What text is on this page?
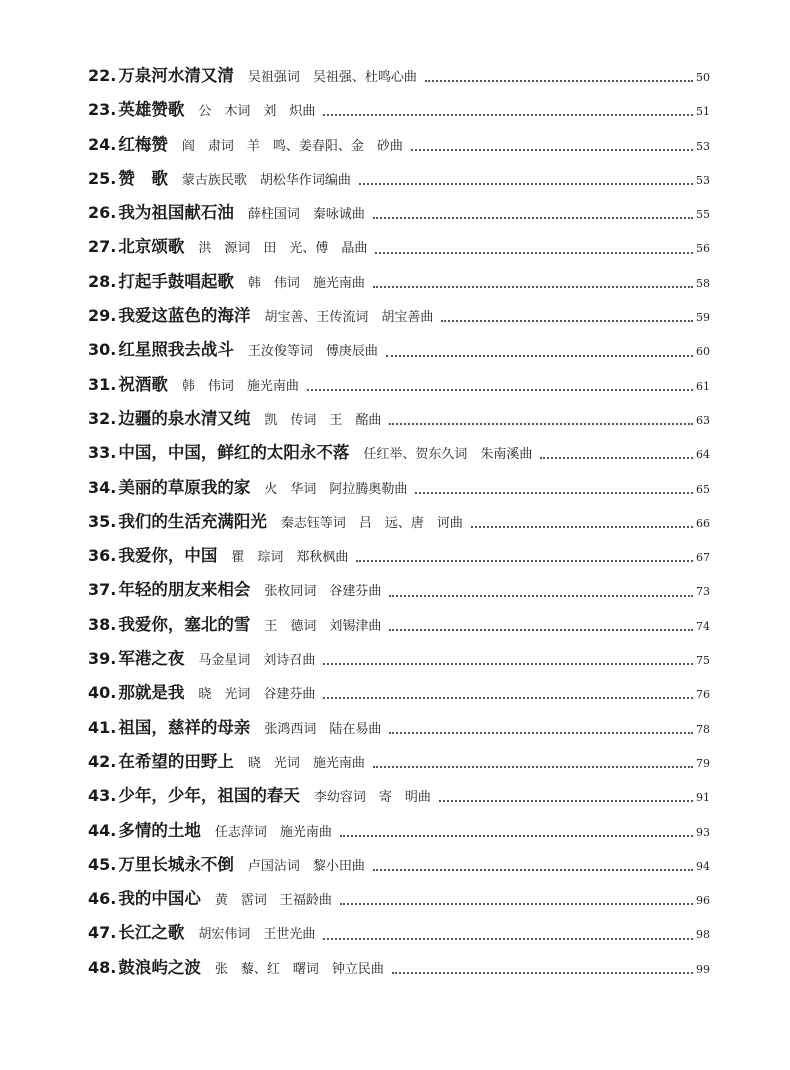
22. 万泉河水清又清 吴祖强词　吴祖强、杜鸣心曲	50
23. 英雄赞歌 公　木词　刘　炽曲	51
24. 红梅赞 阎　肃词　羊　鸣、姜春阳、金　砂曲	53
25. 赞　歌 蒙古族民歌　胡松华作词编曲	53
26. 我为祖国献石油 薛柱国词　秦咏诚曲	55
27. 北京颂歌 洪　源词　田　光、傅　晶曲	56
28. 打起手鼓唱起歌 韩　伟词　施光南曲	58
29. 我爱这蓝色的海洋 胡宝善、王传流词　胡宝善曲	59
30. 红星照我去战斗 王汝俊等词　傅庚辰曲	60
31. 祝酒歌 韩　伟词　施光南曲	61
32. 边疆的泉水清又纯 凯　传词　王　酩曲	63
33. 中国，中国，鲜红的太阳永不落 任红举、贺东久词　朱南溪曲	64
34. 美丽的草原我的家 火　华词　阿拉腾奥勒曲	65
35. 我们的生活充满阳光 秦志钰等词　吕　远、唐　诃曲	66
36. 我爱你，中国 瞿　琮词　郑秋枫曲	67
37. 年轻的朋友来相会 张枚同词　谷建芬曲	73
38. 我爱你，塞北的雪 王　德词　刘锡津曲	74
39. 军港之夜 马金星词　刘诗召曲	75
40. 那就是我 晓　光词　谷建芬曲	76
41. 祖国，慈祥的母亲 张鸿西词　陆在易曲	78
42. 在希望的田野上 晓　光词　施光南曲	79
43. 少年，少年，祖国的春天 李幼容词　寄　明曲	91
44. 多情的土地 任志萍词　施光南曲	93
45. 万里长城永不倒 卢国沾词　黎小田曲	94
46. 我的中国心 黄　霑词　王福龄曲	96
47. 长江之歌 胡宏伟词　王世光曲	98
48. 鼓浪屿之波 张　藜、红　曙词　钟立民曲	99
